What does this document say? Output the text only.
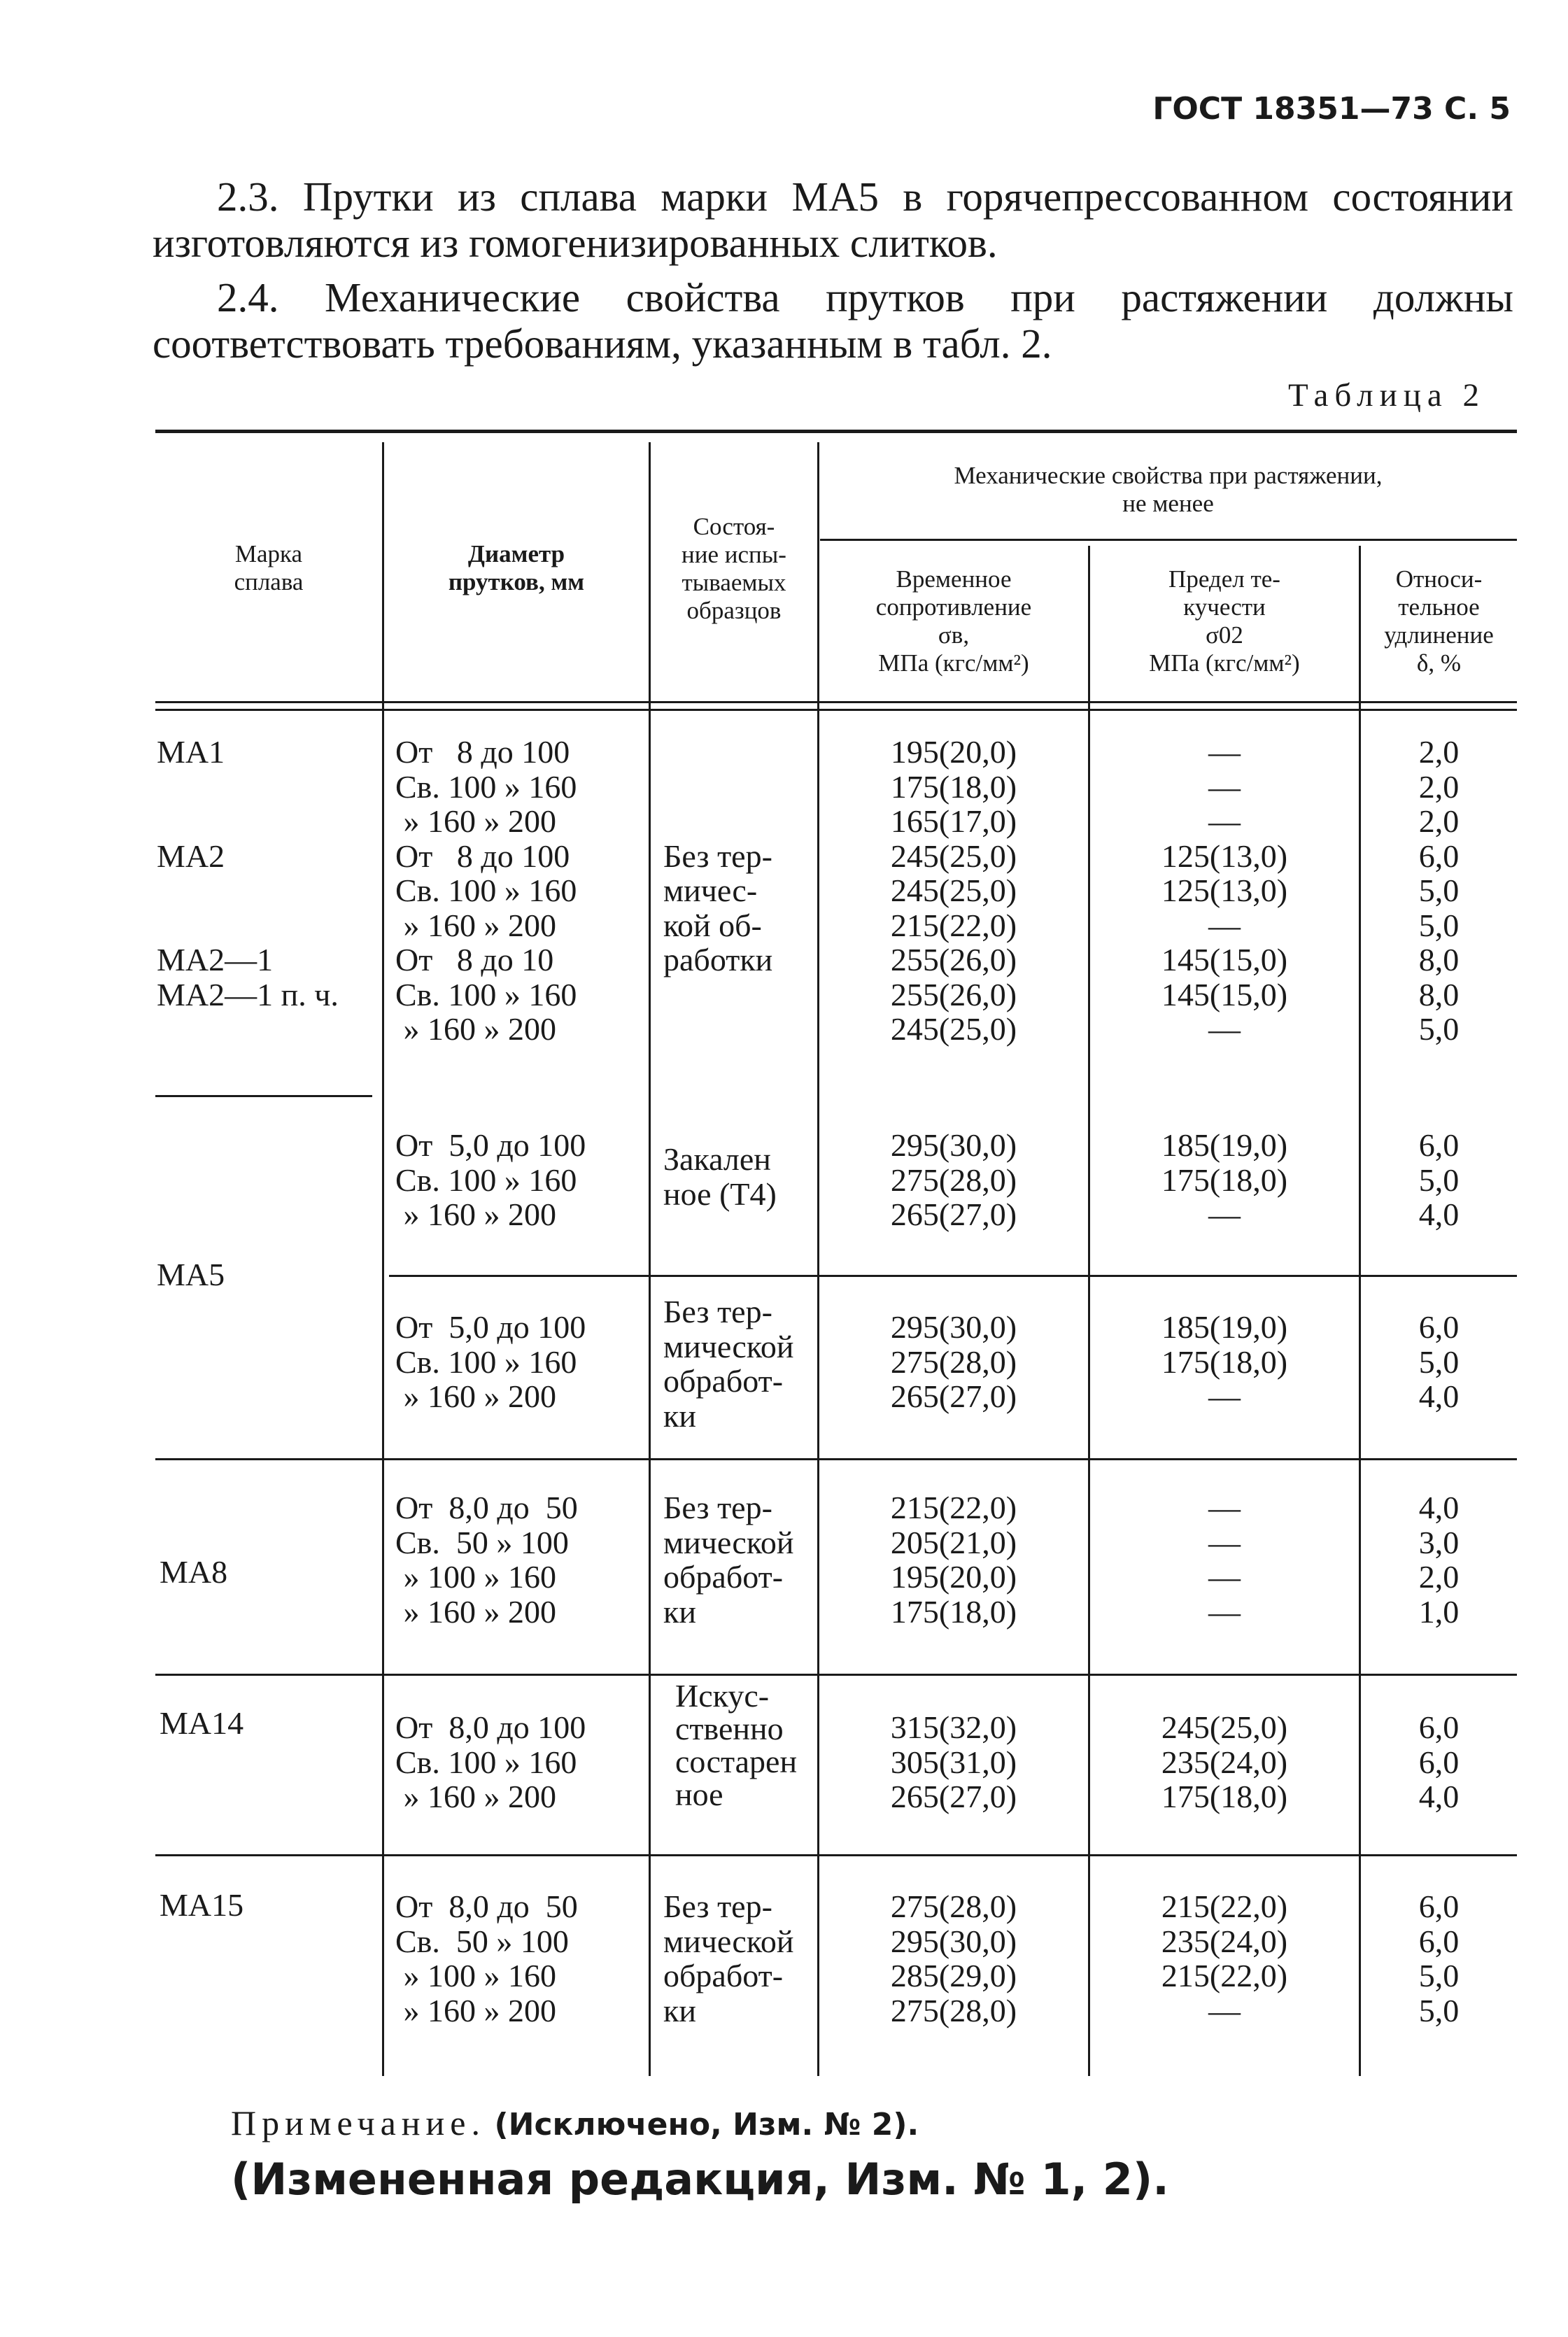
ГОСТ 18351—73 С. 5
2.3. Прутки из сплава марки МА5 в горячепрессованном состоянии изготовляются из гомогенизированных слитков.
2.4. Механические свойства прутков при растяжении должны соответствовать требованиям, указанным в табл. 2.
Таблица 2
Марка
сплава
Диаметр
прутков, мм
Состоя-
ние испы-
тываемых
образцов
Механические свойства при растяжении,
не менее
Временное
сопротивление
σв,
МПа (кгс/мм²)
Предел те-
кучести
σ02
МПа (кгс/мм²)
Относи-
тельное
удлинение
δ, %
МА1

МА2

МА2—1
МА2—1 п. ч.
От   8 до 100
Св. 100 » 160
» 160 » 200
От   8 до 100
Св. 100 » 160
» 160 » 200
От   8 до 10
Св. 100 » 160
» 160 » 200

Без тер-
мичес-
кой об-
работки
195(20,0)
175(18,0)
165(17,0)
245(25,0)
245(25,0)
215(22,0)
255(26,0)
255(26,0)
245(25,0)
—
—
—
125(13,0)
125(13,0)
—
145(15,0)
145(15,0)
—
2,0
2,0
2,0
6,0
5,0
5,0
8,0
8,0
5,0
МА5
От  5,0 до 100
Св. 100 » 160
» 160 » 200
Закален
ное (Т4)
295(30,0)
275(28,0)
265(27,0)
185(19,0)
175(18,0)
—
6,0
5,0
4,0
От  5,0 до 100
Св. 100 » 160
» 160 » 200
Без тер-
мической
обработ-
ки
295(30,0)
275(28,0)
265(27,0)
185(19,0)
175(18,0)
—
6,0
5,0
4,0
МА8
От  8,0 до  50
Св.  50 » 100
» 100 » 160
» 160 » 200
Без тер-
мической
обработ-
ки
215(22,0)
205(21,0)
195(20,0)
175(18,0)
—
—
—
—
4,0
3,0
2,0
1,0
МА14	От  8,0 до 100
Св. 100 » 160
» 160 » 200
Искус-
ственно
состарен
ное
315(32,0)
305(31,0)
265(27,0)
245(25,0)
235(24,0)
175(18,0)
6,0
6,0
4,0
МА15	От  8,0 до  50
Св.  50 » 100
» 100 » 160
» 160 » 200
Без тер-
мической
обработ-
ки
275(28,0)
295(30,0)
285(29,0)
275(28,0)
215(22,0)
235(24,0)
215(22,0)
—
6,0
6,0
5,0
5,0
Примечание. (Исключено, Изм. № 2).
(Измененная редакция, Изм. № 1, 2).
